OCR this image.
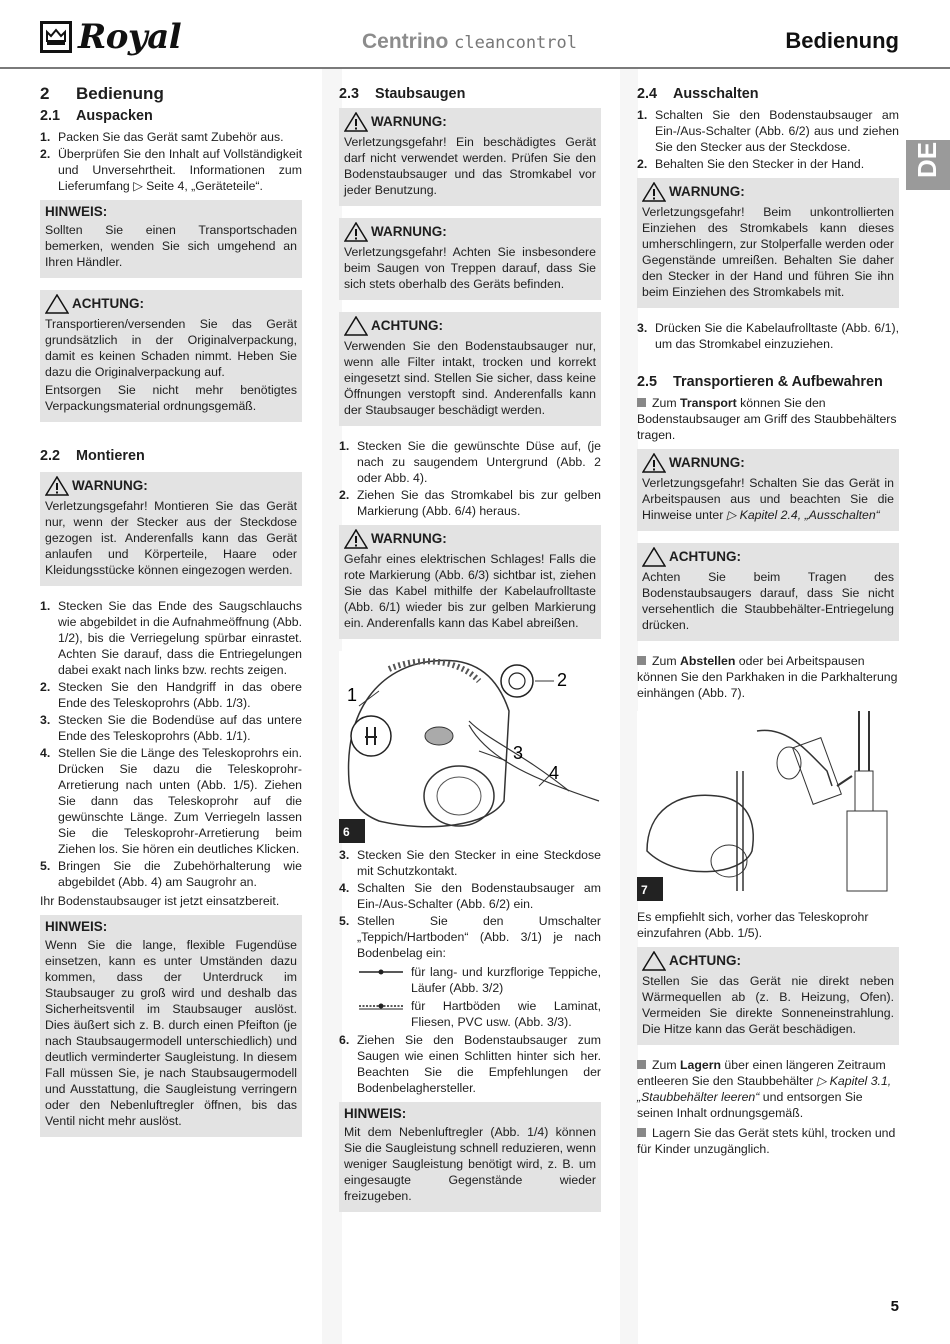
Royal	Centrino cleancontrol	Bedienung
DE
2 Bedienung
2.1 Auspacken
1. Packen Sie das Gerät samt Zubehör aus.
2. Überprüfen Sie den Inhalt auf Vollständigkeit und Unversehrtheit. Informationen zum Lieferumfang ▷ Seite 4, „Geräteteile“.
HINWEIS:

Sollten Sie einen Transportschaden bemerken, wenden Sie sich umgehend an Ihren Händler.

ACHTUNG:

Transportieren/versenden Sie das Gerät grundsätzlich in der Originalverpackung, damit es keinen Schaden nimmt. Heben Sie dazu die Originalverpackung auf.

Entsorgen Sie nicht mehr benötigtes Verpackungsmaterial ordnungsgemäß.

2.2 Montieren
WARNUNG:

Verletzungsgefahr! Montieren Sie das Gerät nur, wenn der Stecker aus der Steckdose gezogen ist. Anderenfalls kann das Gerät anlaufen und Körperteile, Haare oder Kleidungsstücke können eingezogen werden.

1. Stecken Sie das Ende des Saugschlauchs wie abgebildet in die Aufnahmeöffnung (Abb. 1/2), bis die Verriegelung spürbar einrastet. Achten Sie darauf, dass die Entriegelungen dabei exakt nach links bzw. rechts zeigen.
2. Stecken Sie den Handgriff in das obere Ende des Teleskoprohrs (Abb. 1/3).
3. Stecken Sie die Bodendüse auf das untere Ende des Teleskoprohrs (Abb. 1/1).
4. Stellen Sie die Länge des Teleskoprohrs ein. Drücken Sie dazu die Teleskoprohr-Arretierung nach unten (Abb. 1/5). Ziehen Sie dann das Teleskoprohr auf die gewünschte Länge. Zum Verriegeln lassen Sie die Teleskoprohr-Arretierung beim Ziehen los. Sie hören ein deutliches Klicken.
5. Bringen Sie die Zubehörhalterung wie abgebildet (Abb. 4) am Saugrohr an.

Ihr Bodenstaubsauger ist jetzt einsatzbereit.

HINWEIS:

Wenn Sie die lange, flexible Fugendüse einsetzen, kann es unter Umständen dazu kommen, dass der Unterdruck im Staubsauger zu groß wird und deshalb das Sicherheitsventil im Staubsauger auslöst. Dies äußert sich z. B. durch einen Pfeifton (je nach Staubsaugermodell unterschiedlich) und deutlich verminderter Saugleistung. In diesem Fall müssen Sie, je nach Staubsaugermodell und Ausstattung, die Saugleistung verringern oder den Nebenluftregler öffnen, bis das Ventil nicht mehr auslöst.

2.3 Staubsaugen
WARNUNG:

Verletzungsgefahr! Ein beschädigtes Gerät darf nicht verwendet werden. Prüfen Sie den Bodenstaubsauger und das Stromkabel vor jeder Benutzung.

WARNUNG:

Verletzungsgefahr! Achten Sie insbesondere beim Saugen von Treppen darauf, dass Sie sich stets oberhalb des Geräts befinden.

ACHTUNG:

Verwenden Sie den Bodenstaubsauger nur, wenn alle Filter intakt, trocken und korrekt eingesetzt sind. Stellen Sie sicher, dass keine Öffnungen verstopft sind. Anderenfalls kann der Staubsauger beschädigt werden.

1. Stecken Sie die gewünschte Düse auf, (je nach zu saugendem Untergrund (Abb. 2 oder Abb. 4).
2. Ziehen Sie das Stromkabel bis zur gelben Markierung (Abb. 6/4) heraus.
WARNUNG:

Gefahr eines elektrischen Schlages! Falls die rote Markierung (Abb. 6/3) sichtbar ist, ziehen Sie das Kabel mithilfe der Kabelaufrolltaste (Abb. 6/1) wieder bis zur gelben Markierung ein. Anderenfalls kann das Kabel abreißen.

1
2
3
4
6
3. Stecken Sie den Stecker in eine Steckdose mit Schutzkontakt.
4. Schalten Sie den Bodenstaubsauger am Ein-/Aus-Schalter (Abb. 6/2) ein.
5. Stellen Sie den Umschalter „Teppich/Hartboden“ (Abb. 3/1) je nach Bodenbelag ein:
für lang- und kurzflorige Teppiche, Läufer (Abb. 3/2)
für Hartböden wie Laminat, Fliesen, PVC usw. (Abb. 3/3).
6. Ziehen Sie den Bodenstaubsauger zum Saugen wie einen Schlitten hinter sich her. Beachten Sie die Empfehlungen der Bodenbelaghersteller.
HINWEIS:

Mit dem Nebenluftregler (Abb. 1/4) können Sie die Saugleistung schnell reduzieren, wenn weniger Saugleistung benötigt wird, z. B. um eingesaugte Gegenstände wieder freizugeben.

2.4 Ausschalten
1. Schalten Sie den Bodenstaubsauger am Ein-/Aus-Schalter (Abb. 6/2) aus und ziehen Sie den Stecker aus der Steckdose.
2. Behalten Sie den Stecker in der Hand.
WARNUNG:

Verletzungsgefahr! Beim unkontrollierten Einziehen des Stromkabels kann dieses umherschlingern, zur Stolperfalle werden oder Gegenstände umreißen. Behalten Sie daher den Stecker in der Hand und führen Sie ihn beim Einziehen des Stromkabels mit.

3. Drücken Sie die Kabelaufrolltaste (Abb. 6/1), um das Stromkabel einzuziehen.
2.5 Transportieren & Aufbewahren

Zum Transport können Sie den Bodenstaubsauger am Griff des Staubbehälters tragen.

WARNUNG:

Verletzungsgefahr! Schalten Sie das Gerät in Arbeitspausen aus und beachten Sie die Hinweise unter ▷ Kapitel 2.4, „Ausschalten“

ACHTUNG:

Achten Sie beim Tragen des Bodenstaubsaugers darauf, dass Sie nicht versehentlich die Staubbehälter-Entriegelung drücken.

Zum Abstellen oder bei Arbeitspausen können Sie den Parkhaken in die Parkhalterung einhängen (Abb. 7).

7

Es empfiehlt sich, vorher das Teleskoprohr einzufahren (Abb. 1/5).

ACHTUNG:

Stellen Sie das Gerät nie direkt neben Wärmequellen ab (z. B. Heizung, Ofen). Vermeiden Sie direkte Sonneneinstrahlung. Die Hitze kann das Gerät beschädigen.

Zum Lagern über einen längeren Zeitraum entleeren Sie den Staubbehälter ▷ Kapitel 3.1, „Staubbehälter leeren“ und entsorgen Sie seinen Inhalt ordnungsgemäß.

Lagern Sie das Gerät stets kühl, trocken und für Kinder unzugänglich.

5
